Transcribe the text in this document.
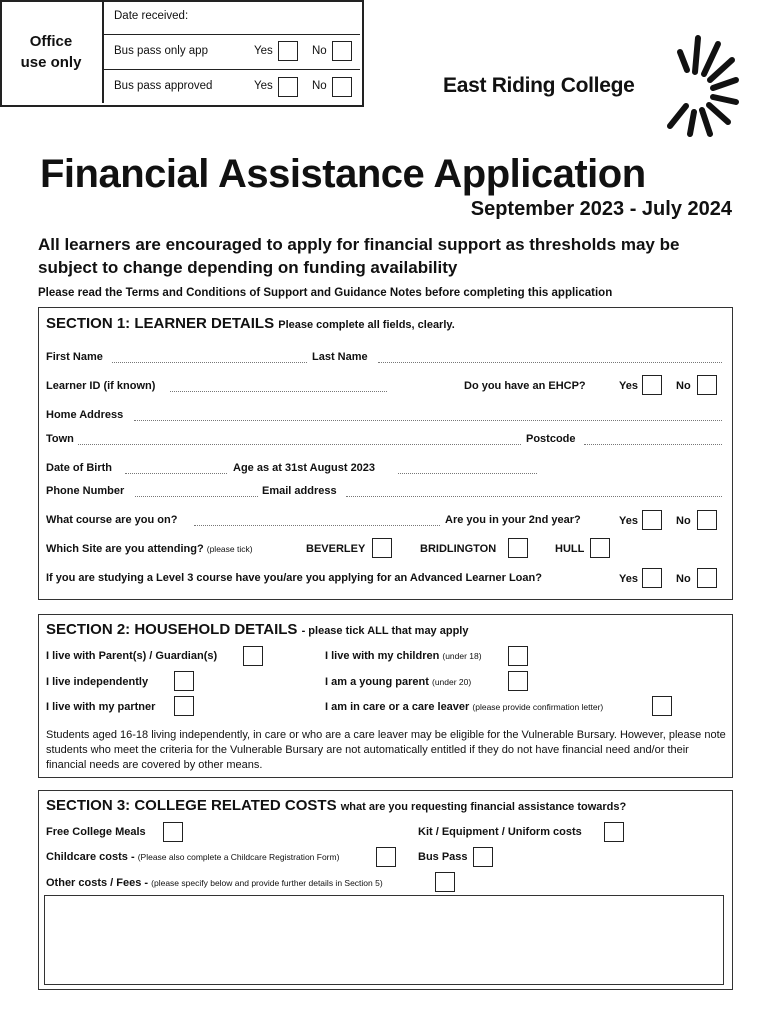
Office
use only
Date received:
Bus pass only app	Yes	No
Bus pass approved	Yes	No	East Riding College
Financial Assistance Application
September 2023 - July 2024
All learners are encouraged to apply for financial support as thresholds may be subject to change depending on funding availability
Please read the Terms and Conditions of Support and Guidance Notes before completing this application
SECTION 1: LEARNER DETAILS Please complete all fields, clearly.
First Name	Last Name
Learner ID (if known)	Do you have an EHCP?	Yes	No
Home Address
Town	Postcode
Date of Birth	Age as at 31st August 2023
Phone Number	Email address
What course are you on?	Are you in your 2nd year?	Yes	No
Which Site are you attending? (please tick)	BEVERLEY	BRIDLINGTON	HULL
If you are studying a Level 3 course have you/are you applying for an Advanced Learner Loan?	Yes	No
SECTION 2: HOUSEHOLD DETAILS - please tick ALL that may apply
I live with Parent(s) / Guardian(s)	I live with my children (under 18)
I live independently	I am a young parent (under 20)
I live with my partner	I am in care or a care leaver (please provide confirmation letter)
Students aged 16-18 living independently, in care or who are a care leaver may be eligible for the Vulnerable Bursary. However, please note students who meet the criteria for the Vulnerable Bursary are not automatically entitled if they do not have financial need and/or their financial needs are covered by other means.
SECTION 3: COLLEGE RELATED COSTS what are you requesting financial assistance towards?
Free College Meals	Kit / Equipment / Uniform costs
Childcare costs - (Please also complete a Childcare Registration Form)	Bus Pass
Other costs / Fees - (please specify below and provide further details in Section 5)
